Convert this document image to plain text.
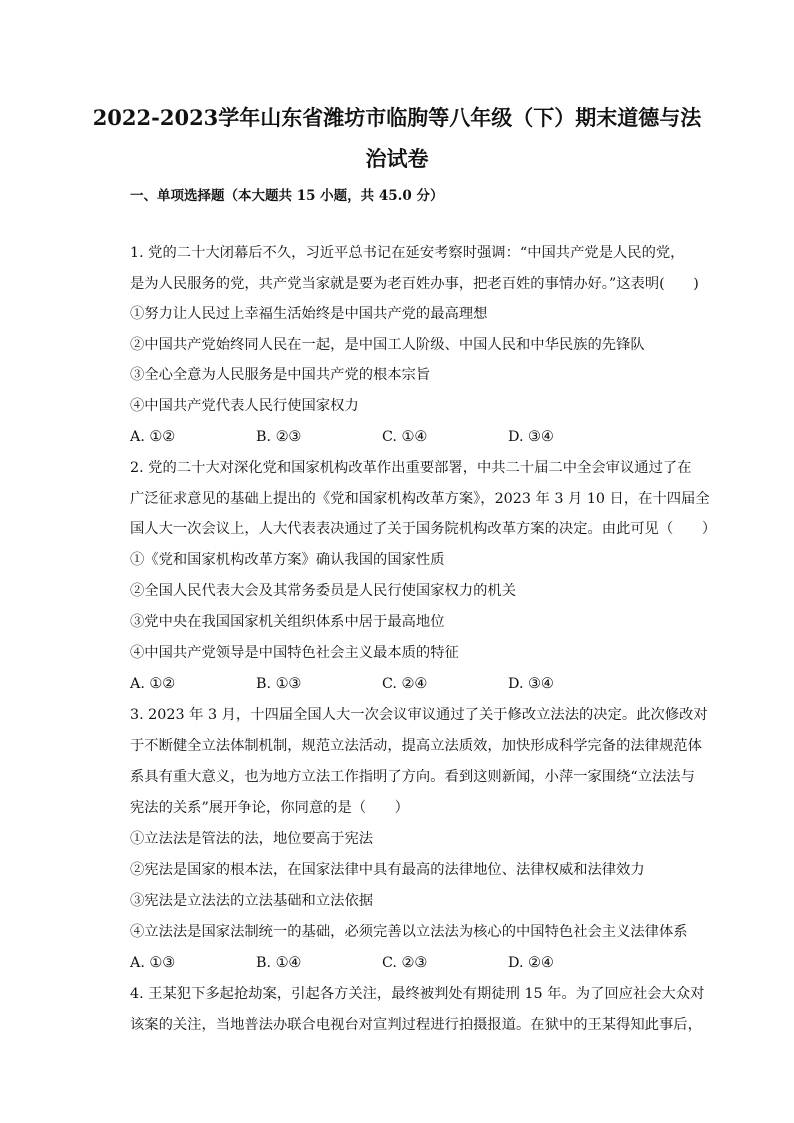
2022-2023学年山东省潍坊市临朐等八年级（下）期末道德与法
治试卷
一、单项选择题（本大题共 15 小题，共 45.0 分）
1. 党的二十大闭幕后不久，习近平总书记在延安考察时强调：“中国共产党是人民的党，
是为人民服务的党，共产党当家就是要为老百姓办事，把老百姓的事情办好。”这表明(　　)
①努力让人民过上幸福生活始终是中国共产党的最高理想
②中国共产党始终同人民在一起，是中国工人阶级、中国人民和中华民族的先锋队
③全心全意为人民服务是中国共产党的根本宗旨
④中国共产党代表人民行使国家权力
A. ①②	B. ②③	C. ①④	D. ③④
2. 党的二十大对深化党和国家机构改革作出重要部署，中共二十届二中全会审议通过了在
广泛征求意见的基础上提出的《党和国家机构改革方案》，2023 年 3 月 10 日，在十四届全
国人大一次会议上，人大代表表决通过了关于国务院机构改革方案的决定。由此可见（　　）
①《党和国家机构改革方案》确认我国的国家性质
②全国人民代表大会及其常务委员是人民行使国家权力的机关
③党中央在我国国家机关组织体系中居于最高地位
④中国共产党领导是中国特色社会主义最本质的特征
A. ①②	B. ①③	C. ②④	D. ③④
3. 2023 年 3 月，十四届全国人大一次会议审议通过了关于修改立法法的决定。此次修改对
于不断健全立法体制机制，规范立法活动，提高立法质效，加快形成科学完备的法律规范体
系具有重大意义，也为地方立法工作指明了方向。看到这则新闻，小萍一家围绕“立法法与
宪法的关系”展开争论，你同意的是（　　）
①立法法是管法的法，地位要高于宪法
②宪法是国家的根本法，在国家法律中具有最高的法律地位、法律权威和法律效力
③宪法是立法法的立法基础和立法依据
④立法法是国家法制统一的基础，必须完善以立法法为核心的中国特色社会主义法律体系
A. ①③	B. ①④	C. ②③	D. ②④
4. 王某犯下多起抢劫案，引起各方关注，最终被判处有期徒刑 15 年。为了回应社会大众对
该案的关注，当地普法办联合电视台对宣判过程进行拍摄报道。在狱中的王某得知此事后，
